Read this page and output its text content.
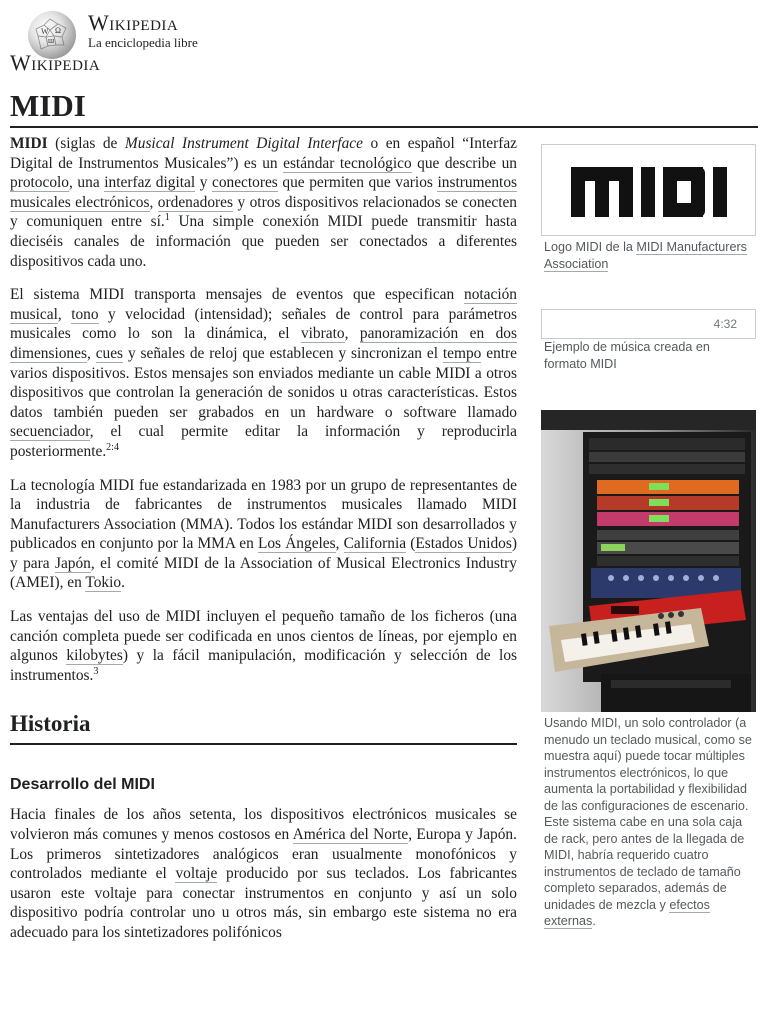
W Ω
ш
Wikipedia
La enciclopedia libre
Wikipedia
MIDI

MIDI (siglas de Musical Instrument Digital Interface o en español “Interfaz Digital de Instrumentos Musicales”) es un estándar tecnológico que describe un protocolo, una interfaz digital y conectores que permiten que varios instrumentos musicales electrónicos, ordenadores y otros dispositivos relacionados se conecten y comuniquen entre sí.$^1$ Una simple conexión MIDI puede transmitir hasta dieciséis canales de información que pueden ser conectados a diferentes dispositivos cada uno.

El sistema MIDI transporta mensajes de eventos que especifican notación musical, tono y velocidad (intensidad); señales de control para parámetros musicales como lo son la dinámica, el vibrato, panoramización en dos dimensiones, cues y señales de reloj que establecen y sincronizan el tempo entre varios dispositivos. Estos mensajes son enviados mediante un cable MIDI a otros dispositivos que controlan la generación de sonidos u otras características. Estos datos también pueden ser grabados en un hardware o software llamado secuenciador, el cual permite editar la información y reproducirla posteriormente.$^{2:4}$

La tecnología MIDI fue estandarizada en 1983 por un grupo de representantes de la industria de fabricantes de instrumentos musicales llamado MIDI Manufacturers Association (MMA). Todos los estándar MIDI son desarrollados y publicados en conjunto por la MMA en Los Ángeles, California (Estados Unidos) y para Japón, el comité MIDI de la Association of Musical Electronics Industry (AMEI), en Tokio.

Las ventajas del uso de MIDI incluyen el pequeño tamaño de los ficheros (una canción completa puede ser codificada en unos cientos de líneas, por ejemplo en algunos kilobytes) y la fácil manipulación, modificación y selección de los instrumentos.$^3$

Historia
Desarrollo del MIDI

Hacia finales de los años setenta, los dispositivos electrónicos musicales se volvieron más comunes y menos costosos en América del Norte, Europa y Japón. Los primeros sintetizadores analógicos eran usualmente monofónicos y controlados mediante el voltaje producido por sus teclados. Los fabricantes usaron este voltaje para conectar instrumentos en conjunto y así un solo dispositivo podría controlar uno u otros más, sin embargo este sistema no era adecuado para los sintetizadores polifónicos

Logo MIDI de la MIDI Manufacturers Association
4:32
Ejemplo de música creada en formato MIDI
Usando MIDI, un solo controlador (a menudo un teclado musical, como se muestra aquí) puede tocar múltiples instrumentos electrónicos, lo que aumenta la portabilidad y flexibilidad de las configuraciones de escenario. Este sistema cabe en una sola caja de rack, pero antes de la llegada de MIDI, habría requerido cuatro instrumentos de teclado de tamaño completo separados, además de unidades de mezcla y efectos externas.
